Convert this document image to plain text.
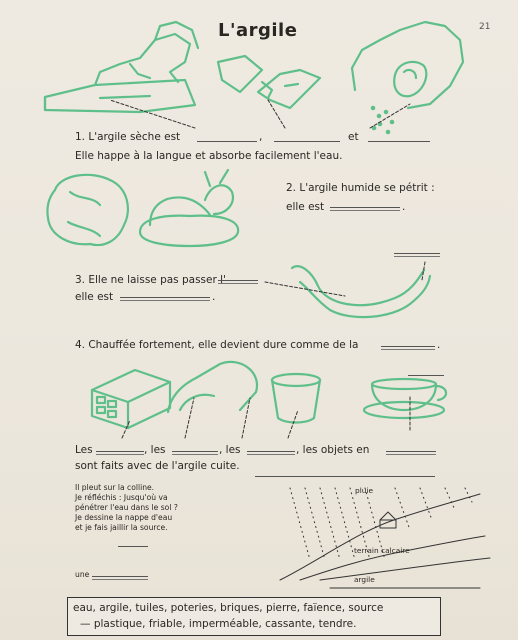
L'argile	21
1. L'argile sèche est	,	et
Elle happe à la langue et absorbe facilement l'eau.
2. L'argile humide se pétrit :
elle est	.
3. Elle ne laisse pas passer l'
elle est	.
4. Chauffée fortement, elle devient dure comme de la	.
Les	, les	, les	, les objets en
sont faits avec de l'argile cuite.
Il pleut sur la colline.
Je réfléchis : Jusqu'où va
pénétrer l'eau dans le sol ?
Je dessine la nappe d'eau
et je fais jaillir la source.
une
pluie
terrain calcaire
argile
eau, argile, tuiles, poteries, briques, pierre, faïence, source
— plastique, friable, imperméable, cassante, tendre.
